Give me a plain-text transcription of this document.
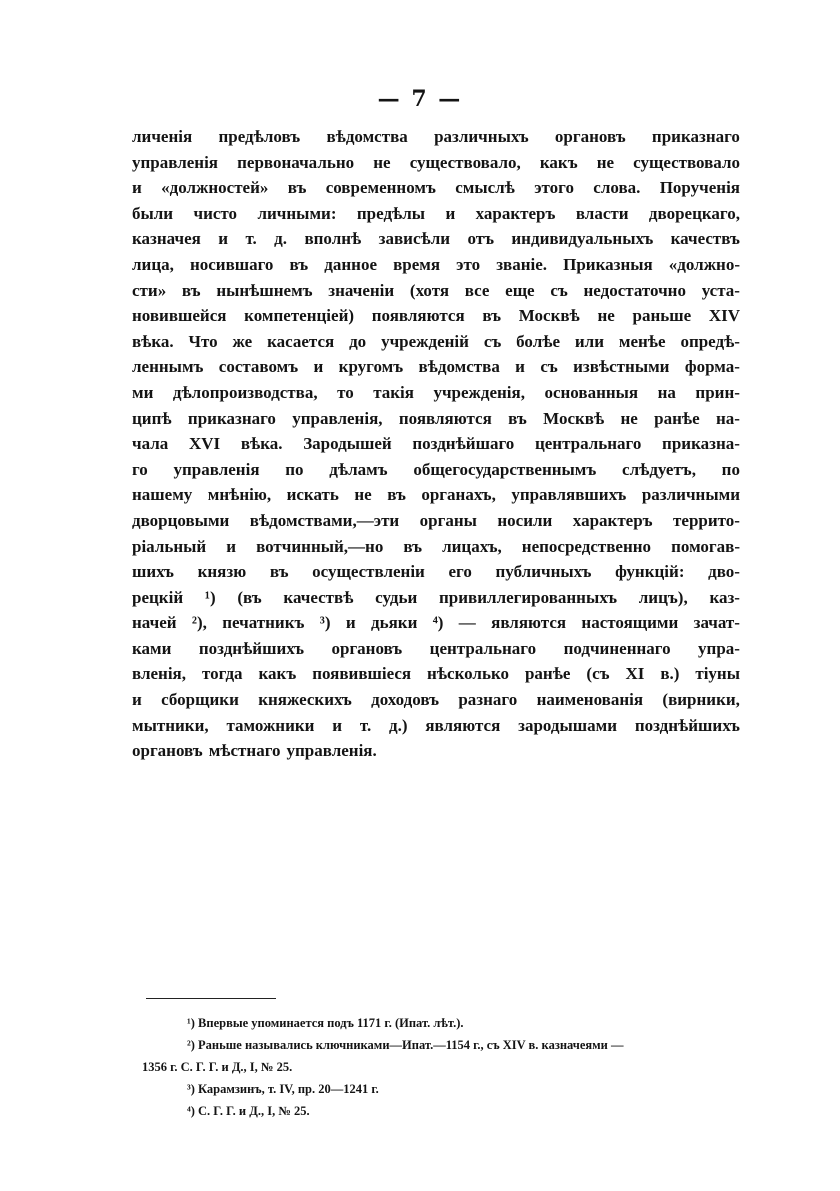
— 7 —
личенія предѣловъ вѣдомства различныхъ органовъ приказнаго
управленія первоначально не существовало, какъ не существовало
и «должностей» въ современномъ смыслѣ этого слова. Порученія
были чисто личными: предѣлы и характеръ власти дворецкаго,
казначея и т. д. вполнѣ зависѣли отъ индивидуальныхъ качествъ
лица, носившаго въ данное время это званіе. Приказныя «должно-
сти» въ нынѣшнемъ значеніи (хотя все еще съ недостаточно уста-
новившейся компетенціей) появляются въ Москвѣ не раньше XIV
вѣка. Что же касается до учрежденій съ болѣе или менѣе опредѣ-
леннымъ составомъ и кругомъ вѣдомства и съ извѣстными форма-
ми дѣлопроизводства, то такія учрежденія, основанныя на прин-
ципѣ приказнаго управленія, появляются въ Москвѣ не ранѣе на-
чала XVI вѣка. Зародышей позднѣйшаго центральнаго приказна-
го управленія по дѣламъ общегосударственнымъ слѣдуетъ, по
нашему мнѣнію, искать не въ органахъ, управлявшихъ различными
дворцовыми вѣдомствами,—эти органы носили характеръ террито-
ріальный и вотчинный,—но въ лицахъ, непосредственно помогав-
шихъ князю въ осуществленіи его публичныхъ функцій: дво-
рецкій ¹) (въ качествѣ судьи привиллегированныхъ лицъ), каз-
начей ²), печатникъ ³) и дьяки ⁴) — являются настоящими зачат-
ками позднѣйшихъ органовъ центральнаго подчиненнаго упра-
вленія, тогда какъ появившіеся нѣсколько ранѣе (съ XI в.) тіуны
и сборщики княжескихъ доходовъ разнаго наименованія (вирники,
мытники, таможники и т. д.) являются зародышами позднѣйшихъ
органовъ мѣстнаго управленія.
¹) Впервые упоминается подъ 1171 г. (Ипат. лѣт.).
²) Раньше назывались ключниками—Ипат.—1154 г., съ XIV в. казначеями —
1356 г. С. Г. Г. и Д., I, № 25.
³) Карамзинъ, т. IV, пр. 20—1241 г.
⁴) С. Г. Г. и Д., I, № 25.
